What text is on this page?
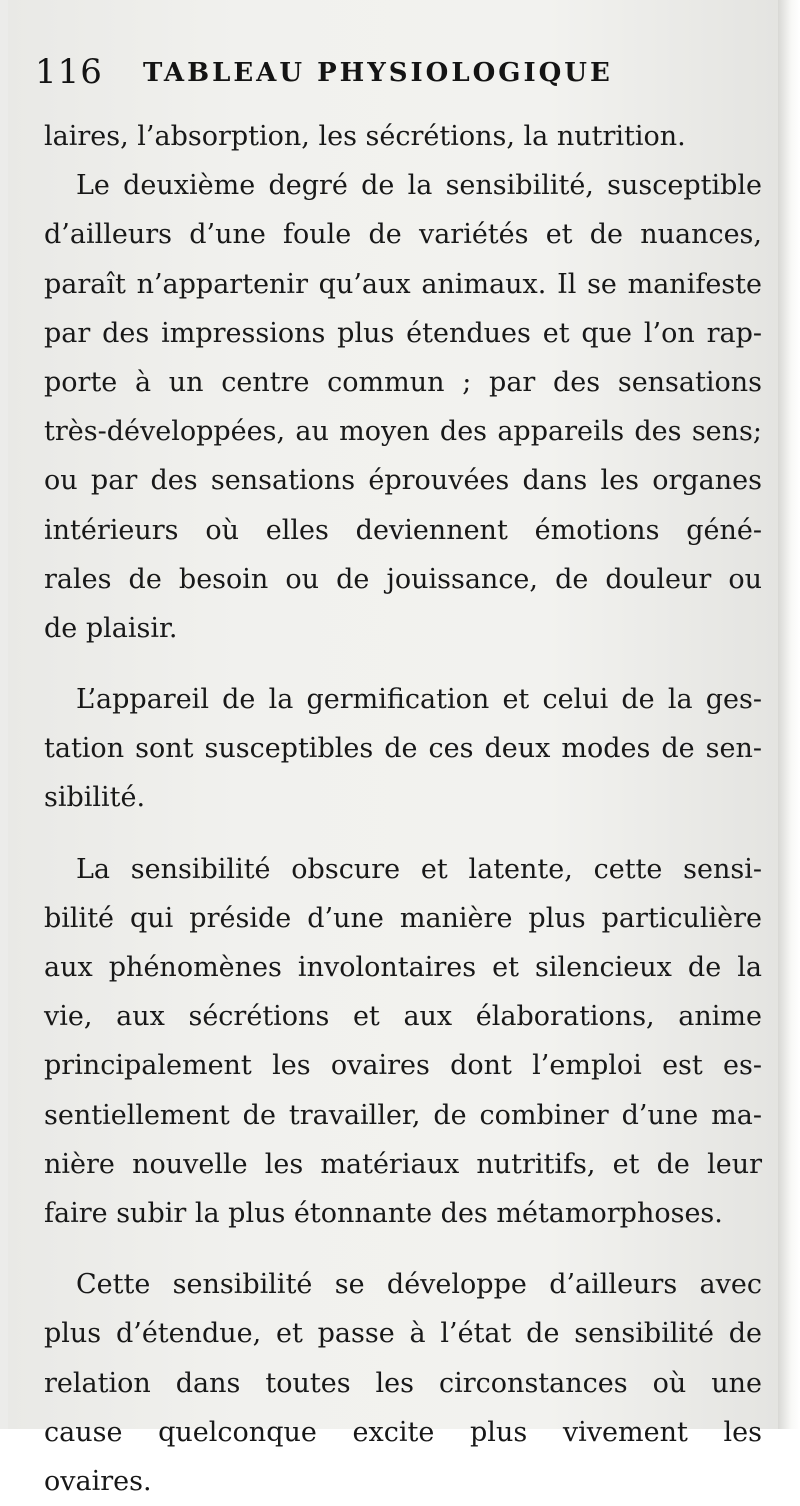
116 TABLEAU PHYSIOLOGIQUE
laires, l’absorption, les sécrétions, la nutrition.
Le deuxième degré de la sensibilité, susceptible
d’ailleurs d’une foule de variétés et de nuances,
paraît n’appartenir qu’aux animaux. Il se manifeste
par des impressions plus étendues et que l’on rap-
porte à un centre commun ; par des sensations
très-développées, au moyen des appareils des sens;
ou par des sensations éprouvées dans les organes
intérieurs où elles deviennent émotions géné-
rales de besoin ou de jouissance, de douleur ou
de plaisir.
L’appareil de la germification et celui de la ges-
tation sont susceptibles de ces deux modes de sen-
sibilité.
La sensibilité obscure et latente, cette sensi-
bilité qui préside d’une manière plus particulière
aux phénomènes involontaires et silencieux de la
vie, aux sécrétions et aux élaborations, anime
principalement les ovaires dont l’emploi est es-
sentiellement de travailler, de combiner d’une ma-
nière nouvelle les matériaux nutritifs, et de leur
faire subir la plus étonnante des métamorphoses.
Cette sensibilité se développe d’ailleurs avec
plus d’étendue, et passe à l’état de sensibilité de
relation dans toutes les circonstances où une
cause quelconque excite plus vivement les
ovaires.
